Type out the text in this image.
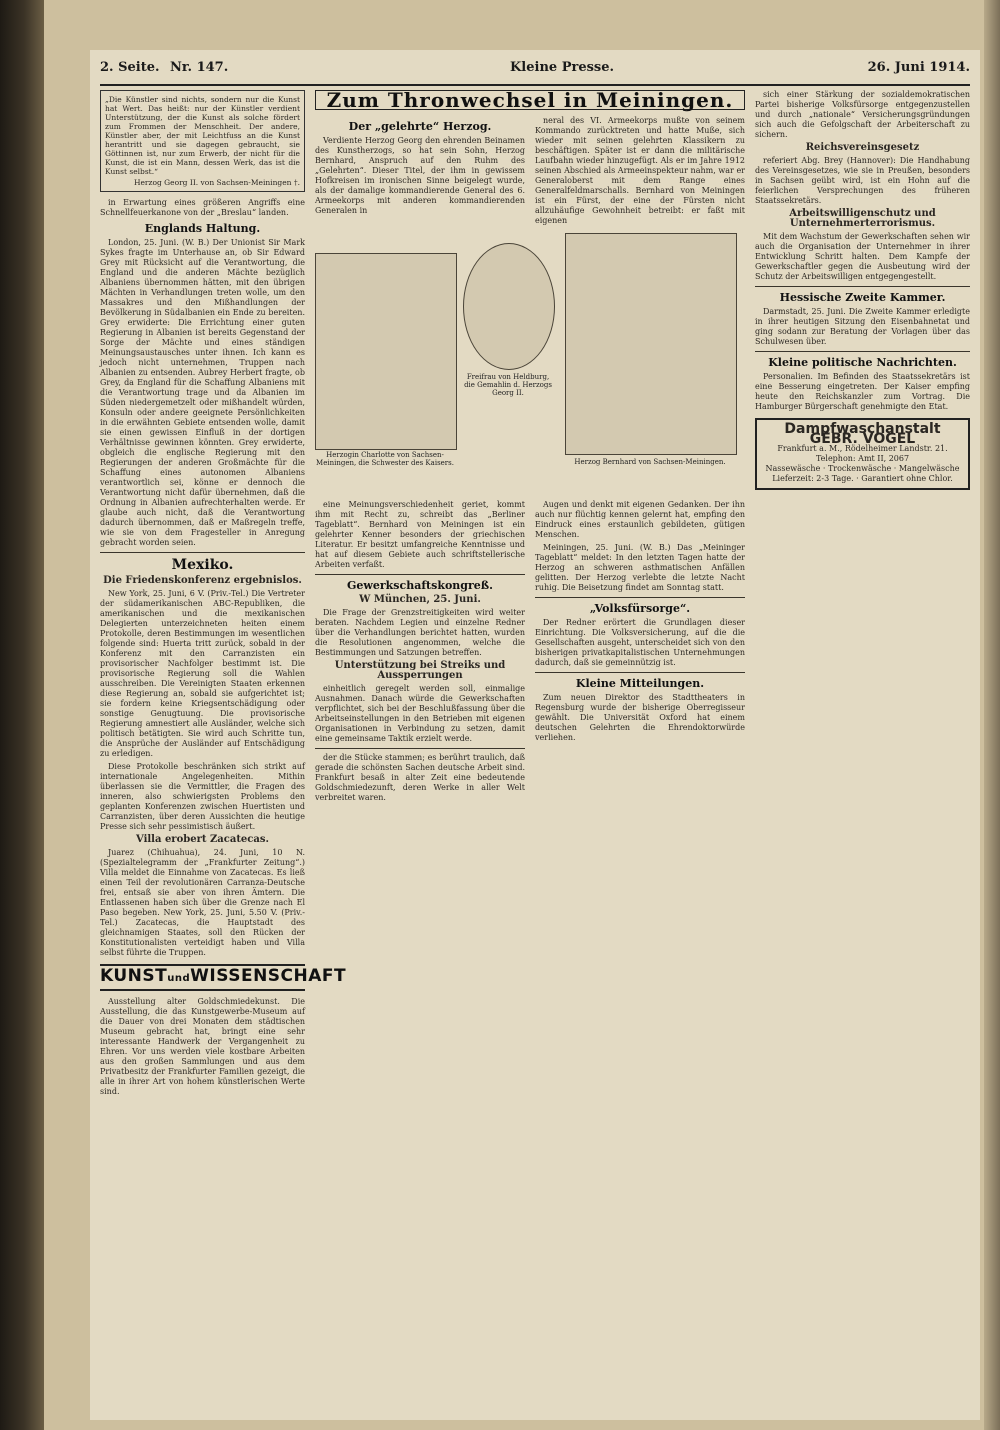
2. Seite. Nr. 147.	Kleine Presse.	26. Juni 1914.
„Die Künstler sind nichts, sondern nur die Kunst hat Wert. Das heißt: nur der Künstler verdient Unterstützung, der die Kunst als solche fördert zum Frommen der Menschheit. Der andere, Künstler aber, der mit Leichtfuss an die Kunst herantritt und sie dagegen gebraucht, sie Göttinnen ist, nur zum Erwerb, der nicht für die Kunst, die ist ein Mann, dessen Werk, das ist die Kunst selbst.“
Herzog Georg II. von Sachsen-Meiningen †.

in Erwartung eines größeren Angriffs eine Schnellfeuerkanone von der „Breslau“ landen.

Englands Haltung.

London, 25. Juni. (W. B.) Der Unionist Sir Mark Sykes fragte im Unterhause an, ob Sir Edward Grey mit Rücksicht auf die Verantwortung, die England und die anderen Mächte bezüglich Albaniens übernommen hätten, mit den übrigen Mächten in Verhandlungen treten wolle, um den Massakres und den Mißhandlungen der Bevölkerung in Südalbanien ein Ende zu bereiten. Grey erwiderte: Die Errichtung einer guten Regierung in Albanien ist bereits Gegenstand der Sorge der Mächte und eines ständigen Meinungsaustausches unter ihnen. Ich kann es jedoch nicht unternehmen, Truppen nach Albanien zu entsenden. Aubrey Herbert fragte, ob Grey, da England für die Schaffung Albaniens mit die Verantwortung trage und da Albanien im Süden niedergemetzelt oder mißhandelt würden, Konsuln oder andere geeignete Persönlichkeiten in die erwähnten Gebiete entsenden wolle, damit sie einen gewissen Einfluß in der dortigen Verhältnisse gewinnen könnten. Grey erwiderte, obgleich die englische Regierung mit den Regierungen der anderen Großmächte für die Schaffung eines autonomen Albaniens verantwortlich sei, könne er dennoch die Verantwortung nicht dafür übernehmen, daß die Ordnung in Albanien aufrechterhalten werde. Er glaube auch nicht, daß die Verantwortung dadurch übernommen, daß er Maßregeln treffe, wie sie von dem Fragesteller in Anregung gebracht worden seien.

Mexiko.
Die Friedenskonferenz ergebnislos.

New York, 25. Juni, 6 V. (Priv.-Tel.) Die Vertreter der südamerikanischen ABC-Republiken, die amerikanischen und die mexikanischen Delegierten unterzeichneten heiten einem Protokolle, deren Bestimmungen im wesentlichen folgende sind: Huerta tritt zurück, sobald in der Konferenz mit den Carranzisten ein provisorischer Nachfolger bestimmt ist. Die provisorische Regierung soll die Wahlen ausschreiben. Die Vereinigten Staaten erkennen diese Regierung an, sobald sie aufgerichtet ist; sie fordern keine Kriegsentschädigung oder sonstige Genugtuung. Die provisorische Regierung amnestiert alle Ausländer, welche sich politisch betätigten. Sie wird auch Schritte tun, die Ansprüche der Ausländer auf Entschädigung zu erledigen.

Diese Protokolle beschränken sich strikt auf internationale Angelegenheiten. Mithin überlassen sie die Vermittler, die Fragen des inneren, also schwierigsten Problems den geplanten Konferenzen zwischen Huertisten und Carranzisten, über deren Aussichten die heutige Presse sich sehr pessimistisch äußert.

Villa erobert Zacatecas.

Juarez (Chihuahua), 24. Juni, 10 N. (Spezialtelegramm der „Frankfurter Zeitung“.) Villa meldet die Einnahme von Zacatecas. Es ließ einen Teil der revolutionären Carranza-Deutsche frei, entsaß sie aber von ihren Ämtern. Die Entlassenen haben sich über die Grenze nach El Paso begeben. New York, 25. Juni, 5.50 V. (Priv.-Tel.) Zacatecas, die Hauptstadt des gleichnamigen Staates, soll den Rücken der Konstitutionalisten verteidigt haben und Villa selbst führte die Truppen.

KUNSTundWISSENSCHAFT

Ausstellung alter Goldschmiedekunst. Die Ausstellung, die das Kunstgewerbe-Museum auf die Dauer von drei Monaten dem städtischen Museum gebracht hat, bringt eine sehr interessante Handwerk der Vergangenheit zu Ehren. Vor uns werden viele kostbare Arbeiten aus den großen Sammlungen und aus dem Privatbesitz der Frankfurter Familien gezeigt, die alle in ihrer Art von hohem künstlerischen Werte sind.

Zum Thronwechsel in Meiningen.
Der „gelehrte“ Herzog.

Verdiente Herzog Georg den ehrenden Beinamen des Kunstherzogs, so hat sein Sohn, Herzog Bernhard, Anspruch auf den Ruhm des „Gelehrten“. Dieser Titel, der ihm in gewissem Hofkreisen im ironischen Sinne beigelegt wurde, als der damalige kommandierende General des 6. Armeekorps mit anderen kommandierenden Generalen in

neral des VI. Armeekorps mußte von seinem Kommando zurücktreten und hatte Muße, sich wieder mit seinen gelehrten Klassikern zu beschäftigen. Später ist er dann die militärische Laufbahn wieder hinzugefügt. Als er im Jahre 1912 seinen Abschied als Armeeinspekteur nahm, war er Generaloberst mit dem Range eines Generalfeldmarschalls. Bernhard von Meiningen ist ein Fürst, der eine der Fürsten nicht allzuhäufige Gewohnheit betreibt: er faßt mit eigenen

Herzogin Charlotte von Sachsen-Meiningen, die Schwester des Kaisers.
Freifrau von Heldburg, die Gemahlin d. Herzogs Georg II.
Herzog Bernhard von Sachsen-Meiningen.

eine Meinungsverschiedenheit geriet, kommt ihm mit Recht zu, schreibt das „Berliner Tageblatt“. Bernhard von Meiningen ist ein gelehrter Kenner besonders der griechischen Literatur. Er besitzt umfangreiche Kenntnisse und hat auf diesem Gebiete auch schriftstellerische Arbeiten verfaßt.

Gewerkschaftskongreß.
W München, 25. Juni.

Die Frage der Grenzstreitigkeiten wird weiter beraten. Nachdem Legien und einzelne Redner über die Verhandlungen berichtet hatten, wurden die Resolutionen angenommen, welche die Bestimmungen und Satzungen betreffen.

Unterstützung bei Streiks und Aussperrungen

einheitlich geregelt werden soll, einmalige Ausnahmen. Danach würde die Gewerkschaften verpflichtet, sich bei der Beschlußfassung über die Arbeitseinstellungen in den Betrieben mit eigenen Organisationen in Verbindung zu setzen, damit eine gemeinsame Taktik erzielt werde.

der die Stücke stammen; es berührt traulich, daß gerade die schönsten Sachen deutsche Arbeit sind. Frankfurt besaß in alter Zeit eine bedeutende Goldschmiedezunft, deren Werke in aller Welt verbreitet waren.

Augen und denkt mit eigenen Gedanken. Der ihn auch nur flüchtig kennen gelernt hat, empfing den Eindruck eines erstaunlich gebildeten, gütigen Menschen.

Meiningen, 25. Juni. (W. B.) Das „Meininger Tageblatt“ meldet: In den letzten Tagen hatte der Herzog an schweren asthmatischen Anfällen gelitten. Der Herzog verlebte die letzte Nacht ruhig. Die Beisetzung findet am Sonntag statt.

„Volksfürsorge“.

Der Redner erörtert die Grundlagen dieser Einrichtung. Die Volksversicherung, auf die die Gesellschaften ausgeht, unterscheidet sich von den bisherigen privatkapitalistischen Unternehmungen dadurch, daß sie gemeinnützig ist.

Kleine Mitteilungen.

Zum neuen Direktor des Stadttheaters in Regensburg wurde der bisherige Oberregisseur gewählt. Die Universität Oxford hat einem deutschen Gelehrten die Ehrendoktorwürde verliehen.

sich einer Stärkung der sozialdemokratischen Partei bisherige Volksfürsorge entgegenzustellen und durch „nationale“ Versicherungsgründungen sich auch die Gefolgschaft der Arbeiterschaft zu sichern.

Reichsvereinsgesetz

referiert Abg. Brey (Hannover): Die Handhabung des Vereinsgesetzes, wie sie in Preußen, besonders in Sachsen geübt wird, ist ein Hohn auf die feierlichen Versprechungen des früheren Staatssekretärs.

Arbeitswilligenschutz und Unternehmerterrorismus.

Mit dem Wachstum der Gewerkschaften sehen wir auch die Organisation der Unternehmer in ihrer Entwicklung Schritt halten. Dem Kampfe der Gewerkschaftler gegen die Ausbeutung wird der Schutz der Arbeitswilligen entgegengestellt.

Hessische Zweite Kammer.

Darmstadt, 25. Juni. Die Zweite Kammer erledigte in ihrer heutigen Sitzung den Eisenbahnetat und ging sodann zur Beratung der Vorlagen über das Schulwesen über.

Kleine politische Nachrichten.

Personalien. Im Befinden des Staatssekretärs ist eine Besserung eingetreten. Der Kaiser empfing heute den Reichskanzler zum Vortrag. Die Hamburger Bürgerschaft genehmigte den Etat.

Dampfwaschanstalt GEBR. VOGEL
Frankfurt a. M., Rödelheimer Landstr. 21. Telephon: Amt II, 2067
Nassewäsche · Trockenwäsche · Mangelwäsche
Lieferzeit: 2-3 Tage. · Garantiert ohne Chlor.
